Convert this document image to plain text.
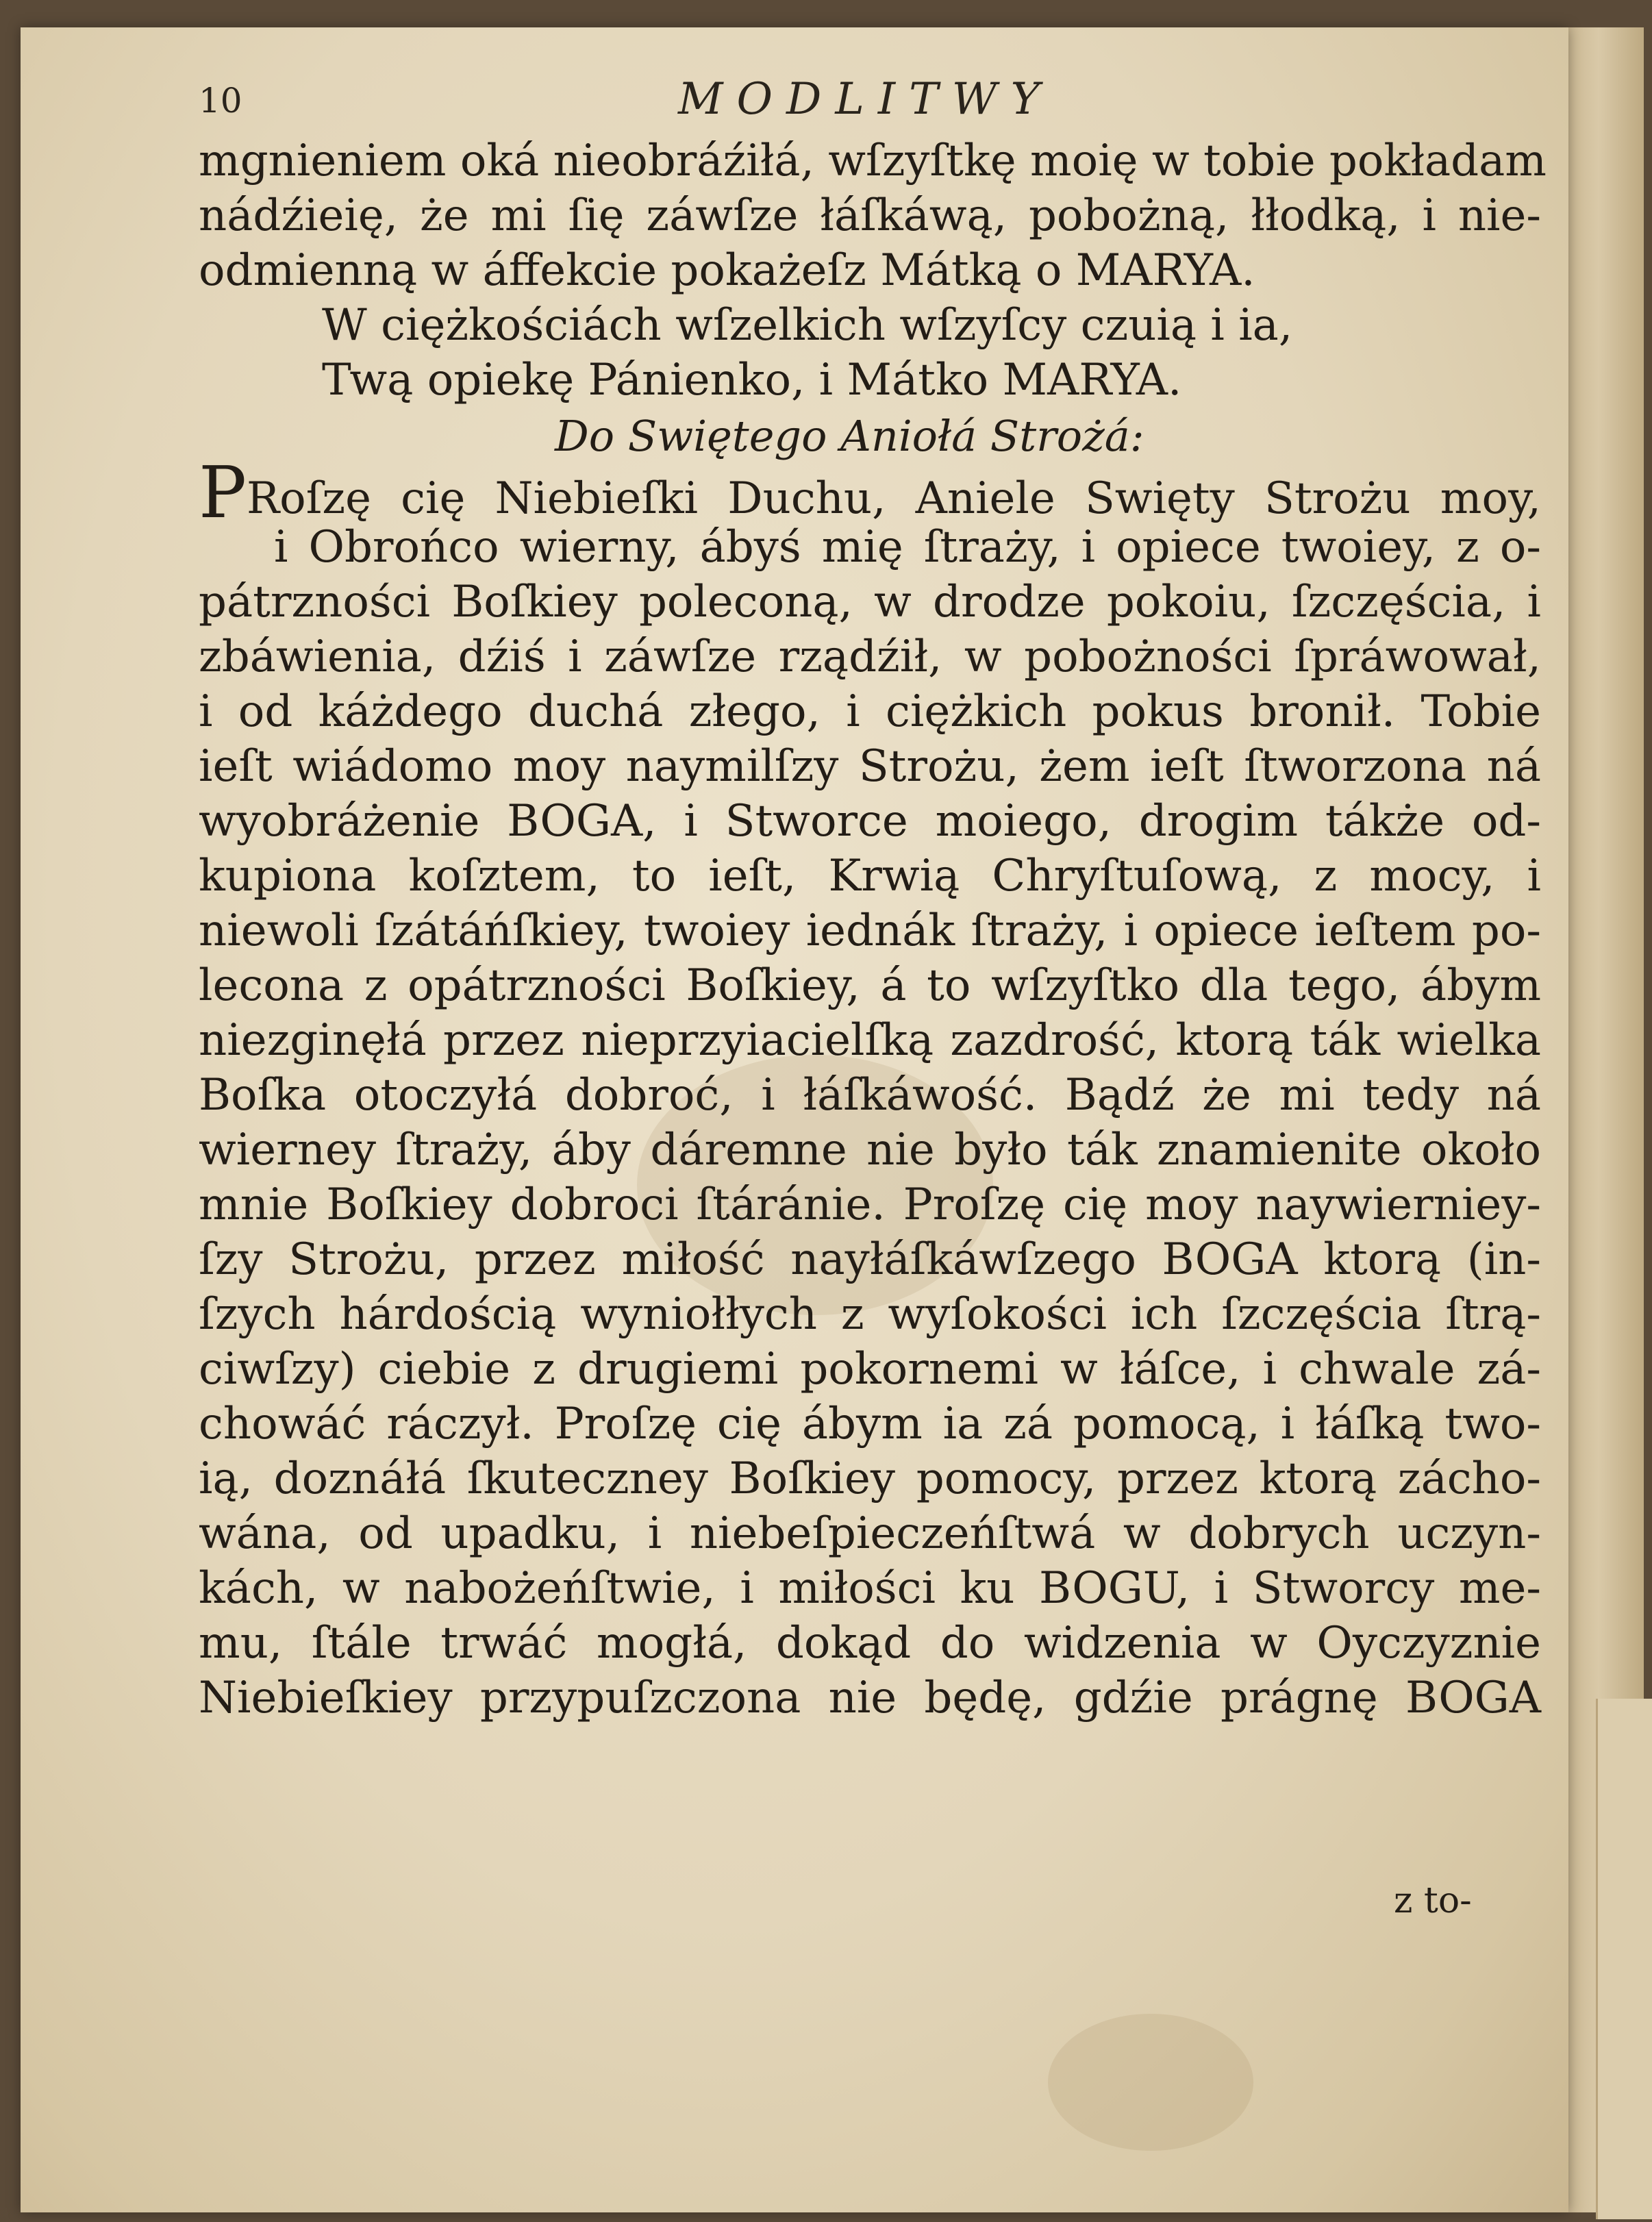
10	MODLITWY
mgnieniem oká nieobráźiłá, wſzyſtkę moię w tobie pokładam
nádźieię, że mi ſię záwſze łáſkáwą, pobożną, łłodką, i nie-
odmienną w áffekcie pokażeſz Mátką o MARYA.
W ciężkościách wſzelkich wſzyſcy czuią i ia,
Twą opiekę Pánienko, i Mátko MARYA.
Do Swiętego Aniołá Strożá:
PRoſzę cię Niebieſki Duchu, Aniele Swięty Strożu moy,
i Obrońco wierny, ábyś mię ſtraży, i opiece twoiey, z o-
pátrzności Boſkiey poleconą, w drodze pokoiu, ſzczęścia, i
zbáwienia, dźiś i záwſze rządźił, w pobożności ſpráwował,
i od káżdego duchá złego, i ciężkich pokus bronił. Tobie
ieſt wiádomo moy naymilſzy Strożu, żem ieſt ſtworzona ná
wyobráżenie BOGA, i Stworce moiego, drogim tákże od-
kupiona koſztem, to ieſt, Krwią Chryſtuſową, z mocy, i
niewoli ſzátáńſkiey, twoiey iednák ſtraży, i opiece ieſtem po-
lecona z opátrzności Boſkiey, á to wſzyſtko dla tego, ábym
niezginęłá przez nieprzyiacielſką zazdrość, ktorą ták wielka
Boſka otoczyłá dobroć, i łáſkáwość. Bądź że mi tedy ná
wierney ſtraży, áby dáremne nie było ták znamienite około
mnie Boſkiey dobroci ſtáránie. Proſzę cię moy naywierniey-
ſzy Strożu, przez miłość nayłáſkáwſzego BOGA ktorą (in-
ſzych hárdością wyniołłych z wyſokości ich ſzczęścia ſtrą-
ciwſzy) ciebie z drugiemi pokornemi w łáſce, i chwale zá-
chowáć ráczył. Proſzę cię ábym ia zá pomocą, i łáſką two-
ią, doznáłá ſkuteczney Boſkiey pomocy, przez ktorą zácho-
wána, od upadku, i niebeſpieczeńſtwá w dobrych uczyn-
kách, w nabożeńſtwie, i miłości ku BOGU, i Stworcy me-
mu, ſtále trwáć mogłá, dokąd do widzenia w Oyczyznie
Niebieſkiey przypuſzczona nie będę, gdźie prágnę BOGA
z to-
